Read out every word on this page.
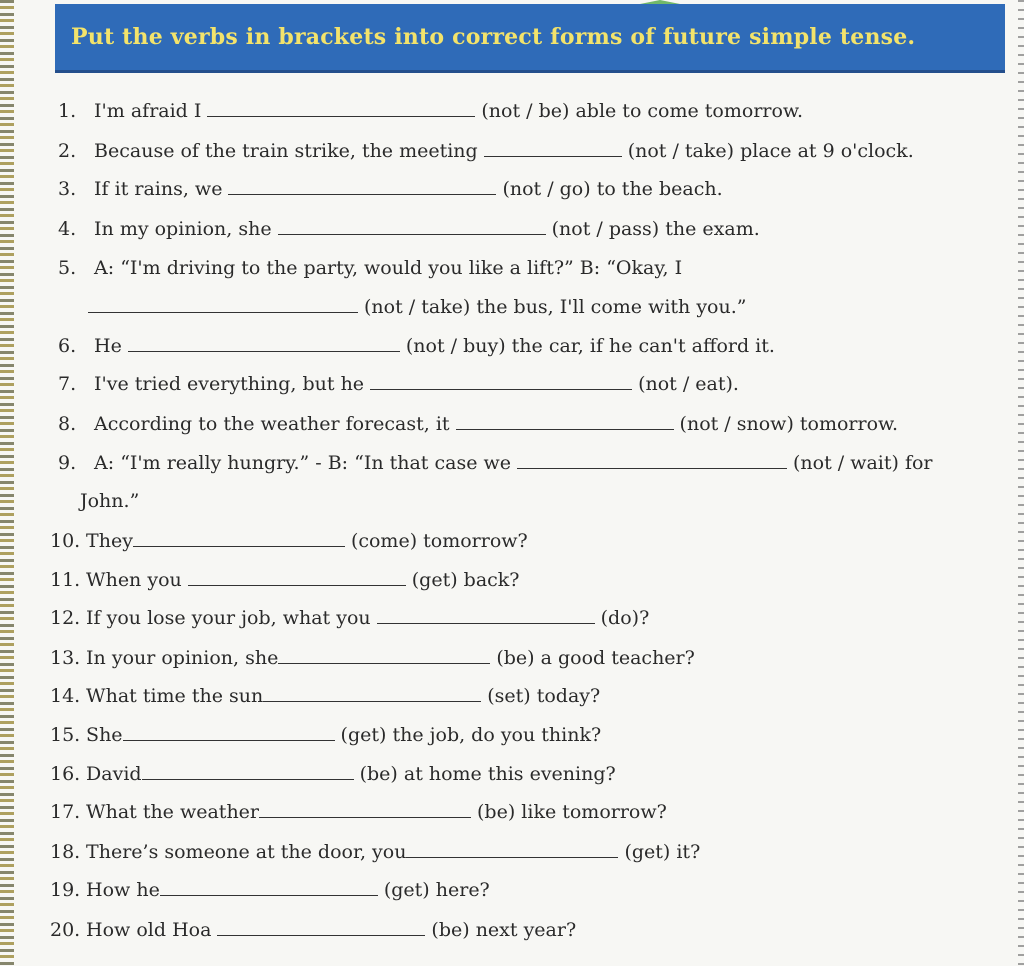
Put the verbs in brackets into correct forms of future simple tense.
1. I'm afraid I	(not / be) able to come tomorrow.
2. Because of the train strike, the meeting	(not / take) place at 9 o'clock.
3. If it rains, we	(not / go) to the beach.
4. In my opinion, she	(not / pass) the exam.
5. A: “I'm driving to the party, would you like a lift?” B: “Okay, I
(not / take) the bus, I'll come with you.”
6. He	(not / buy) the car, if he can't afford it.
7. I've tried everything, but he	(not / eat).
8. According to the weather forecast, it	(not / snow) tomorrow.
9. A: “I'm really hungry.” - B: “In that case we	(not / wait) for
John.”
10. They	(come) tomorrow?
11. When you	(get) back?
12. If you lose your job, what you	(do)?
13. In your opinion, she	(be) a good teacher?
14. What time the sun	(set) today?
15. She	(get) the job, do you think?
16. David	(be) at home this evening?
17. What the weather	(be) like tomorrow?
18. There’s someone at the door, you	(get) it?
19. How he	(get) here?
20. How old Hoa	(be) next year?
